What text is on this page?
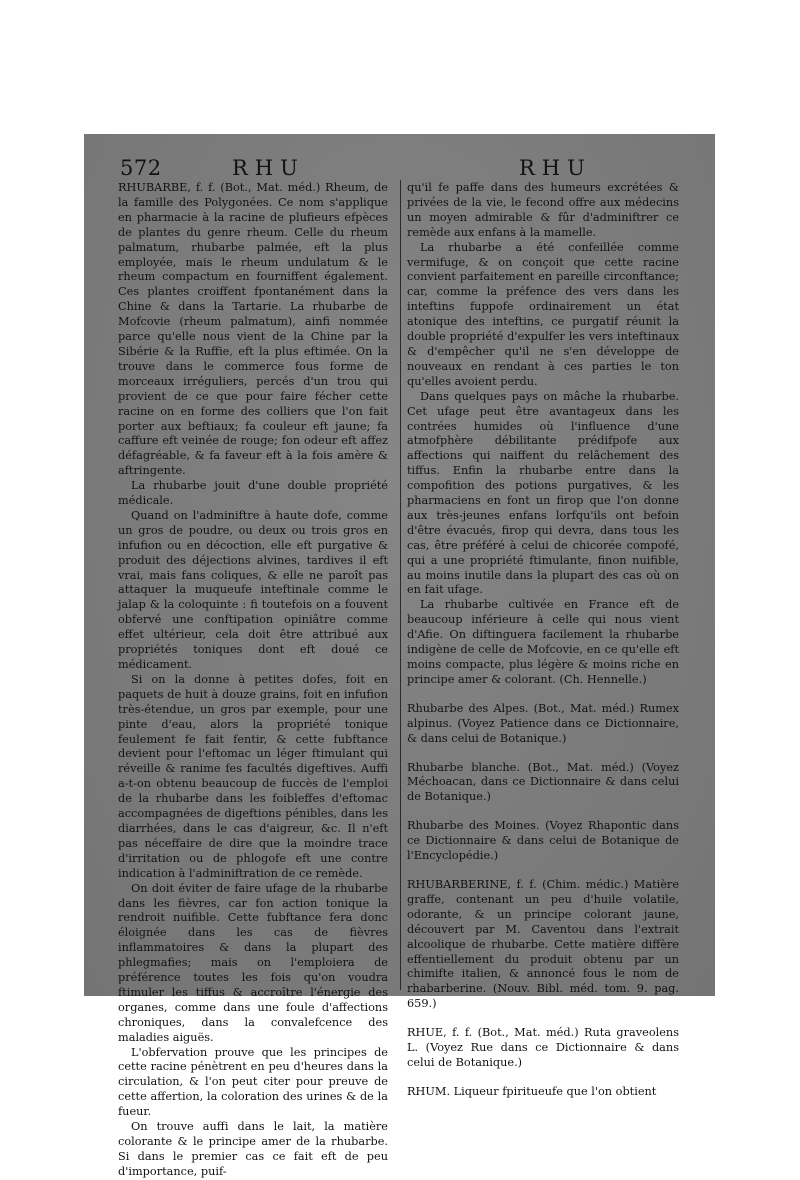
572	RHU	RHU

RHUBARBE, f. f. (Bot., Mat. méd.) Rheum, de la famille des Polygonées. Ce nom s'applique en pharmacie à la racine de plufieurs efpèces de plantes du genre rheum. Celle du rheum palmatum, rhubarbe palmée, eft la plus employée, mais le rheum undulatum & le rheum compactum en fourniffent également. Ces plantes croiffent fpontanément dans la Chine & dans la Tartarie. La rhubarbe de Mofcovie (rheum palmatum), ainfi nommée parce qu'elle nous vient de la Chine par la Sibérie & la Ruffie, eft la plus eftimée. On la trouve dans le commerce fous forme de morceaux irréguliers, percés d'un trou qui provient de ce que pour faire fécher cette racine on en forme des colliers que l'on fait porter aux beftiaux; fa couleur eft jaune; fa caffure eft veinée de rouge; fon odeur eft affez défagréable, & fa faveur eft à la fois amère & aftringente.

La rhubarbe jouit d'une double propriété médicale.

Quand on l'adminiftre à haute dofe, comme un gros de poudre, ou deux ou trois gros en infufion ou en décoction, elle eft purgative & produit des déjections alvines, tardives il eft vrai, mais fans coliques, & elle ne paroît pas attaquer la muqueufe inteftinale comme le jalap & la coloquinte : fi toutefois on a fouvent obfervé une conftipation opiniâtre comme effet ultérieur, cela doit être attribué aux propriétés toniques dont eft doué ce médicament.

Si on la donne à petites dofes, foit en paquets de huit à douze grains, foit en infufion très-étendue, un gros par exemple, pour une pinte d'eau, alors la propriété tonique feulement fe fait fentir, & cette fubftance devient pour l'eftomac un léger ftimulant qui réveille & ranime fes facultés digeftives. Auffi a-t-on obtenu beaucoup de fuccès de l'emploi de la rhubarbe dans les foibleffes d'eftomac accompagnées de digeftions pénibles, dans les diarrhées, dans le cas d'aigreur, &c. Il n'eft pas néceffaire de dire que la moindre trace d'irritation ou de phlogofe eft une contre indication à l'adminiftration de ce remède.

On doit éviter de faire ufage de la rhubarbe dans les fièvres, car fon action tonique la rendroit nuifible. Cette fubftance fera donc éloignée dans les cas de fièvres inflammatoires & dans la plupart des phlegmafies; mais on l'emploiera de préférence toutes les fois qu'on voudra ftimuler les tiffus & accroître l'énergie des organes, comme dans une foule d'affections chroniques, dans la convalefcence des maladies aiguës.

L'obfervation prouve que les principes de cette racine pénètrent en peu d'heures dans la circulation, & l'on peut citer pour preuve de cette affertion, la coloration des urines & de la fueur.

On trouve auffi dans le lait, la matière colorante & le principe amer de la rhubarbe. Si dans le premier cas ce fait eft de peu d'importance, puif-

qu'il fe paffe dans des humeurs excrétées & privées de la vie, le fecond offre aux médecins un moyen admirable & fûr d'adminiftrer ce remède aux enfans à la mamelle.

La rhubarbe a été confeillée comme vermifuge, & on conçoit que cette racine convient parfaitement en pareille circonftance; car, comme la préfence des vers dans les inteftins fuppofe ordinairement un état atonique des inteftins, ce purgatif réunit la double propriété d'expulfer les vers inteftinaux & d'empêcher qu'il ne s'en développe de nouveaux en rendant à ces parties le ton qu'elles avoient perdu.

Dans quelques pays on mâche la rhubarbe. Cet ufage peut être avantageux dans les contrées humides où l'influence d'une atmofphère débilitante prédifpofe aux affections qui naiffent du relâchement des tiffus. Enfin la rhubarbe entre dans la compofition des potions purgatives, & les pharmaciens en font un firop que l'on donne aux très-jeunes enfans lorfqu'ils ont befoin d'être évacués, firop qui devra, dans tous les cas, être préféré à celui de chicorée compofé, qui a une propriété ftimulante, finon nuifible, au moins inutile dans la plupart des cas où on en fait ufage.

La rhubarbe cultivée en France eft de beaucoup inférieure à celle qui nous vient d'Afie. On diftinguera facilement la rhubarbe indigène de celle de Mofcovie, en ce qu'elle eft moins compacte, plus légère & moins riche en principe amer & colorant. (Ch. Hennelle.)

Rhubarbe des Alpes. (Bot., Mat. méd.) Rumex alpinus. (Voyez Patience dans ce Dictionnaire, & dans celui de Botanique.)

Rhubarbe blanche. (Bot., Mat. méd.) (Voyez Méchoacan, dans ce Dictionnaire & dans celui de Botanique.)

Rhubarbe des Moines. (Voyez Rhapontic dans ce Dictionnaire & dans celui de Botanique de l'Encyclopédie.)

RHUBARBERINE, f. f. (Chim. médic.) Matière graffe, contenant un peu d'huile volatile, odorante, & un principe colorant jaune, découvert par M. Caventou dans l'extrait alcoolique de rhubarbe. Cette matière diffère effentiellement du produit obtenu par un chimifte italien, & annoncé fous le nom de rhabarberine. (Nouv. Bibl. méd. tom. 9. pag. 659.)

RHUE, f. f. (Bot., Mat. méd.) Ruta graveolens L. (Voyez Rue dans ce Dictionnaire & dans celui de Botanique.)

RHUM. Liqueur fpiritueufe que l'on obtient
